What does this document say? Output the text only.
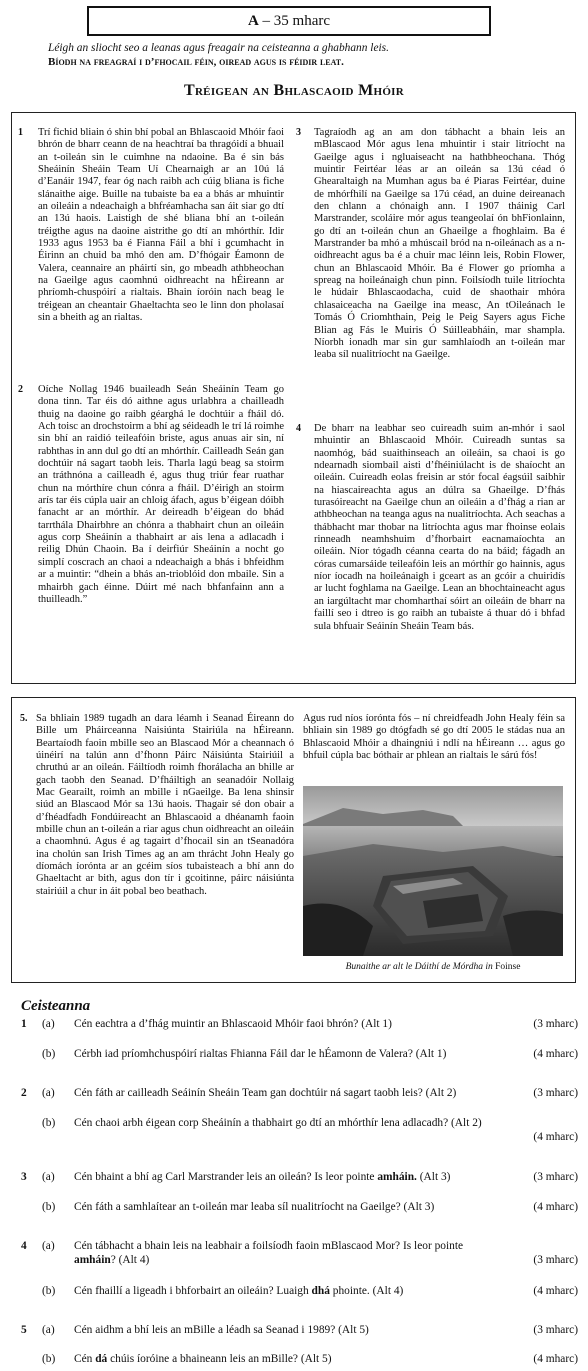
A – 35 mharc
Léigh an sliocht seo a leanas agus freagair na ceisteanna a ghabhann leis.
Bíodh na freagraí i d’fhocail féin, oiread agus is féidir leat.
Tréigean an Bhlascaoid Mhóir
1 Trí fichid bliain ó shin bhí pobal an Bhlascaoid Mhóir faoi bhrón de bharr ceann de na heachtraí ba thragóidí a bhuail an t-oileán sin le cuimhne na ndaoine. Ba é sin bás Sheáinín Sheáin Team Uí Chearnaigh ar an 10ú lá d’Eanáir 1947, fear óg nach raibh ach cúig bliana is fiche slánaithe aige. Buille na tubaiste ba ea a bhás ar mhuintir an oileáin a ndeachaigh a bhfréamhacha san áit siar go dtí an 13ú haois. Laistigh de shé bliana bhí an t-oileán tréigthe agus na daoine aistrithe go dtí an mhórthír. Idir 1933 agus 1953 ba é Fianna Fáil a bhí i gcumhacht in Éirinn an chuid ba mhó den am. D’fhógair Éamonn de Valera, ceannaire an pháirtí sin, go mbeadh athbheochan na Gaeilge agus caomhnú oidhreacht na hÉireann ar phríomh-chuspóirí a rialtais. Bhain íoróin nach beag le tréigean an cheantair Ghaeltachta seo le linn don pholasaí sin a bheith ag an rialtas.
2 Oíche Nollag 1946 buaileadh Seán Sheáinín Team go dona tinn. Tar éis dó aithne agus urlabhra a chailleadh thuig na daoine go raibh géarghá le dochtúir a fháil dó. Ach toisc an drochstoirm a bhí ag séideadh le trí lá roimhe sin bhí an raidió teileafóin briste, agus anuas air sin, ní rabhthas in ann dul go dtí an mhórthír. Cailleadh Seán gan dochtúir ná sagart taobh leis. Tharla lagú beag sa stoirm an tráthnóna a cailleadh é, agus thug triúr fear ruathar chun na mórthíre chun cónra a fháil. D’éirigh an stoirm arís tar éis cúpla uair an chloig áfach, agus b’éigean dóibh fanacht ar an mórthír. Ar deireadh b’éigean do bhád tarrthála Dhairbhre an chónra a thabhairt chun an oileáin agus corp Sheáinín a thabhairt ar ais lena a adlacadh i reilig Dhún Chaoin. Ba í deirfiúr Sheáinín a nocht go simplí coscrach an chaoi a ndeachaigh a bhás i bhfeidhm ar a muintir: “dhein a bhás an-trioblóid don mbaile. Sin a mhairbh gach éinne. Dúirt mé nach bhfanfainn ann a thuilleadh.”
3 Tagraíodh ag an am don tábhacht a bhain leis an mBlascaod Mór agus lena mhuintir i stair litríocht na Gaeilge agus i ngluaiseacht na hathbheochana. Thóg muintir Feirtéar léas ar an oileán sa 13ú céad ó Ghearaltaigh na Mumhan agus ba é Piaras Feirtéar, duine de mhórfhilí na Gaeilge sa 17ú céad, an duine deireanach den chlann a chónaigh ann. I 1907 tháinig Carl Marstrander, scoláire mór agus teangeolaí ón bhFionlainn, go dtí an t-oileán chun an Ghaeilge a fhoghlaim. Ba é Marstrander ba mhó a mhúscail bród na n-oileánach as a n-oidhreacht agus ba é a chuir mac léinn leis, Robin Flower, chun an Bhlascaoid Mhóir. Ba é Flower go príomha a spreag na hoileánaigh chun pinn. Foilsíodh tuile litríochta le húdair Bhlascaodacha, cuid de shaothair mhóra chlasaiceacha na Gaeilge ina measc, An tOileánach le Tomás Ó Criomhthain, Peig le Peig Sayers agus Fiche Blian ag Fás le Muiris Ó Súilleabháin, mar shampla. Níorbh ionadh mar sin gur samhlaíodh an t-oileán mar leaba síl nualitríocht na Gaeilge.
4 De bharr na leabhar seo cuireadh suim an-mhór i saol mhuintir an Bhlascaoid Mhóir. Cuireadh suntas sa naomhóg, bád suaithinseach an oileáin, sa chaoi is go ndearnadh siombail aisti d’fhéiniúlacht is de shaíocht an oileáin. Cuireadh eolas freisin ar stór focal éagsúil saibhir na hiascaireachta agus an dúlra sa Ghaeilge. D’fhás turasóireacht na Gaeilge chun an oileáin a d’fhág a rian ar athbheochan na teanga agus na nualitríochta. Ach seachas a thábhacht mar thobar na litríochta agus mar fhoinse eolais rinneadh neamhshuim d’fhorbairt eacnamaíochta an oileáin. Níor tógadh céanna cearta do na báid; fágadh an córas cumarsáide teileafóin leis an mórthír go hainnis, agus níor íocadh na hoileánaigh i gceart as an gcóir a chuiridís ar lucht foghlama na Gaeilge. Lean an bhochtaineacht agus an iargúltacht mar chomharthaí sóirt an oileáin de bharr na faillí seo i dtreo is go raibh an tubaiste á thuar dó i bhfad sula bhfuair Seáinín Sheáin Team bás.
5. Sa bhliain 1989 tugadh an dara léamh i Seanad Éireann do Bille um Pháirceanna Naisiúnta Stairiúla na hÉireann. Beartaíodh faoin mbille seo an Blascaod Mór a cheannach ó úinéirí na talún ann d’fhonn Páirc Náisiúnta Stairiúil a chruthú ar an oileán. Fáiltíodh roimh fhorálacha an bhille ar gach taobh den Seanad. D’fháiltigh an seanadóir Nollaig Mac Gearailt, roimh an mbille i nGaeilge. Ba lena shinsir siúd an Blascaod Mór sa 13ú haois. Thagair sé don obair a d’fhéadfadh Fondúireacht an Bhlascaoid a dhéanamh faoin mbille chun an t-oileán a riar agus chun oidhreacht an oileáin a chaomhnú. Agus é ag tagairt d’fhocail sin an tSeanadóra ina cholún san Irish Times ag an am thrácht John Healy go díomách íorónta ar an gcéim síos tubaisteach a bhí ann do Ghaeltacht ar bith, agus don tír i gcoitinne, páirc náisiúnta stairiúil a chur in áit pobal beo beathach.
Agus rud níos íorónta fós – ní chreidfeadh John Healy féin sa bhliain sin 1989 go dtógfadh sé go dtí 2005 le stádas nua an Bhlascaoid Mhóir a dhaingniú i ndlí na hÉireann … agus go bhfuil cúpla bac bóthair ar phlean an rialtais le sárú fós!
Bunaithe ar alt le Dáithí de Mórdha in Foinse
Ceisteanna
1 (a) Cén eachtra a d’fhág muintir an Bhlascaoid Mhóir faoi bhrón? (Alt 1)	(3 mharc)
(b) Cérbh iad príomhchuspóirí rialtas Fhianna Fáil dar le hÉamonn de Valera? (Alt 1)	(4 mharc)
2 (a) Cén fáth ar cailleadh Seáinín Sheáin Team gan dochtúir ná sagart taobh leis? (Alt 2)	(3 mharc)
(b) Cén chaoi arbh éigean corp Sheáinín a thabhairt go dtí an mhórthír lena adlacadh? (Alt 2)
(4 mharc)
3 (a) Cén bhaint a bhí ag Carl Marstrander leis an oileán? Is leor pointe amháin. (Alt 3)	(3 mharc)
(b) Cén fáth a samhlaítear an t-oileán mar leaba síl nualitríocht na Gaeilge? (Alt 3)	(4 mharc)
4 (a) Cén tábhacht a bhain leis na leabhair a foilsíodh faoin mBlascaod Mor? Is leor pointe amháin? (Alt 4)	(3 mharc)
(b) Cén fhaillí a ligeadh i bhforbairt an oileáin? Luaigh dhá phointe. (Alt 4)	(4 mharc)
5 (a) Cén aidhm a bhí leis an mBille a léadh sa Seanad i 1989? (Alt 5)	(3 mharc)
(b) Cén dá chúis íoróine a bhaineann leis an mBille? (Alt 5)	(4 mharc)
